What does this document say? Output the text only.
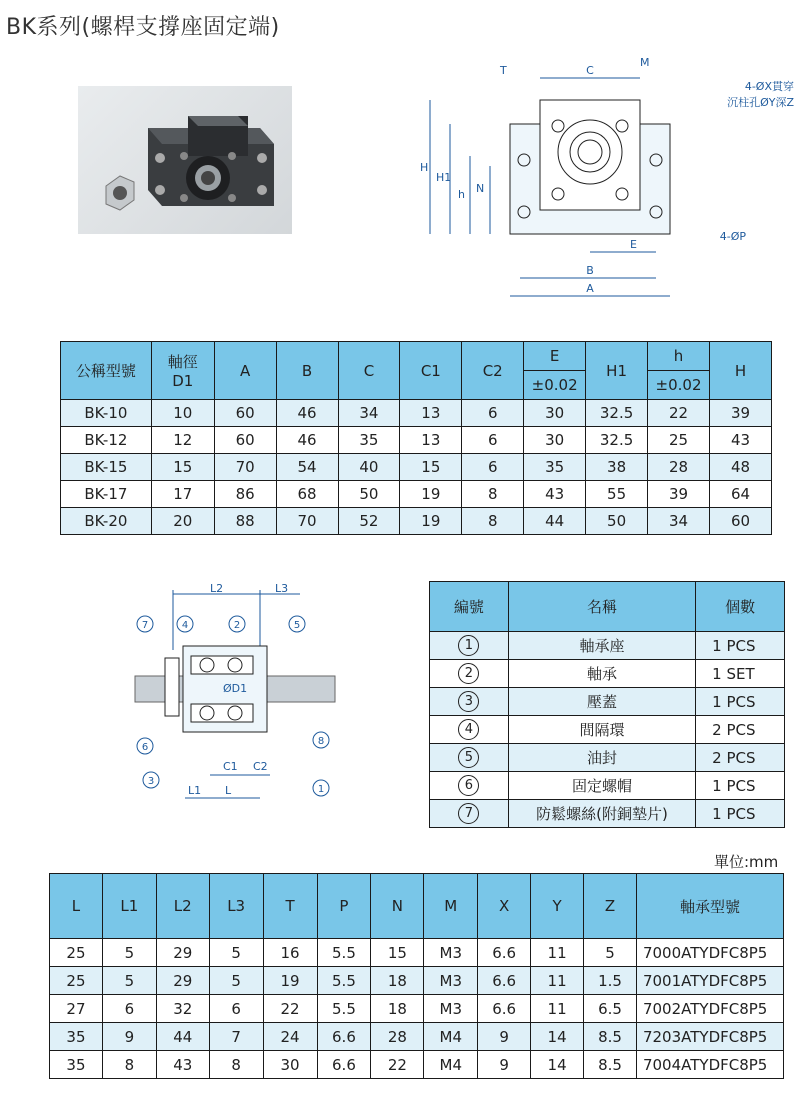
BK系列(螺桿支撐座固定端)
C
M
T
4-ØX貫穿
沉柱孔ØY深Z
H
H1
h N
E
B
A
4-ØP
公稱型號	軸徑
D1	A	B	C	C1	C2	E	H1	h	H
							±0.02		±0.02	
BK-10	10	60	46	34	13	6	30	32.5	22	39
BK-12	12	60	46	35	13	6	30	32.5	25	43
BK-15	15	70	54	40	15	6	35	38	28	48
BK-17	17	86	68	50	19	8	43	55	39	64
BK-20	20	88	70	52	19	8	44	50	34	60
L2	L3
ØD1
C1 C2
L1 L
7	4	2	5
6
8
3
1
編號	名稱	個數
1	軸承座	1 PCS
2	軸承	1 SET
3	壓蓋	1 PCS
4	間隔環	2 PCS
5	油封	2 PCS
6	固定螺帽	1 PCS
7	防鬆螺絲(附銅墊片)	1 PCS
單位:mm
L	L1	L2	L3	T	P	N	M	X	Y	Z	軸承型號
25	5	29	5	16	5.5	15	M3	6.6	11	5	7000ATYDFC8P5
25	5	29	5	19	5.5	18	M3	6.6	11	1.5	7001ATYDFC8P5
27	6	32	6	22	5.5	18	M3	6.6	11	6.5	7002ATYDFC8P5
35	9	44	7	24	6.6	28	M4	9	14	8.5	7203ATYDFC8P5
35	8	43	8	30	6.6	22	M4	9	14	8.5	7004ATYDFC8P5
